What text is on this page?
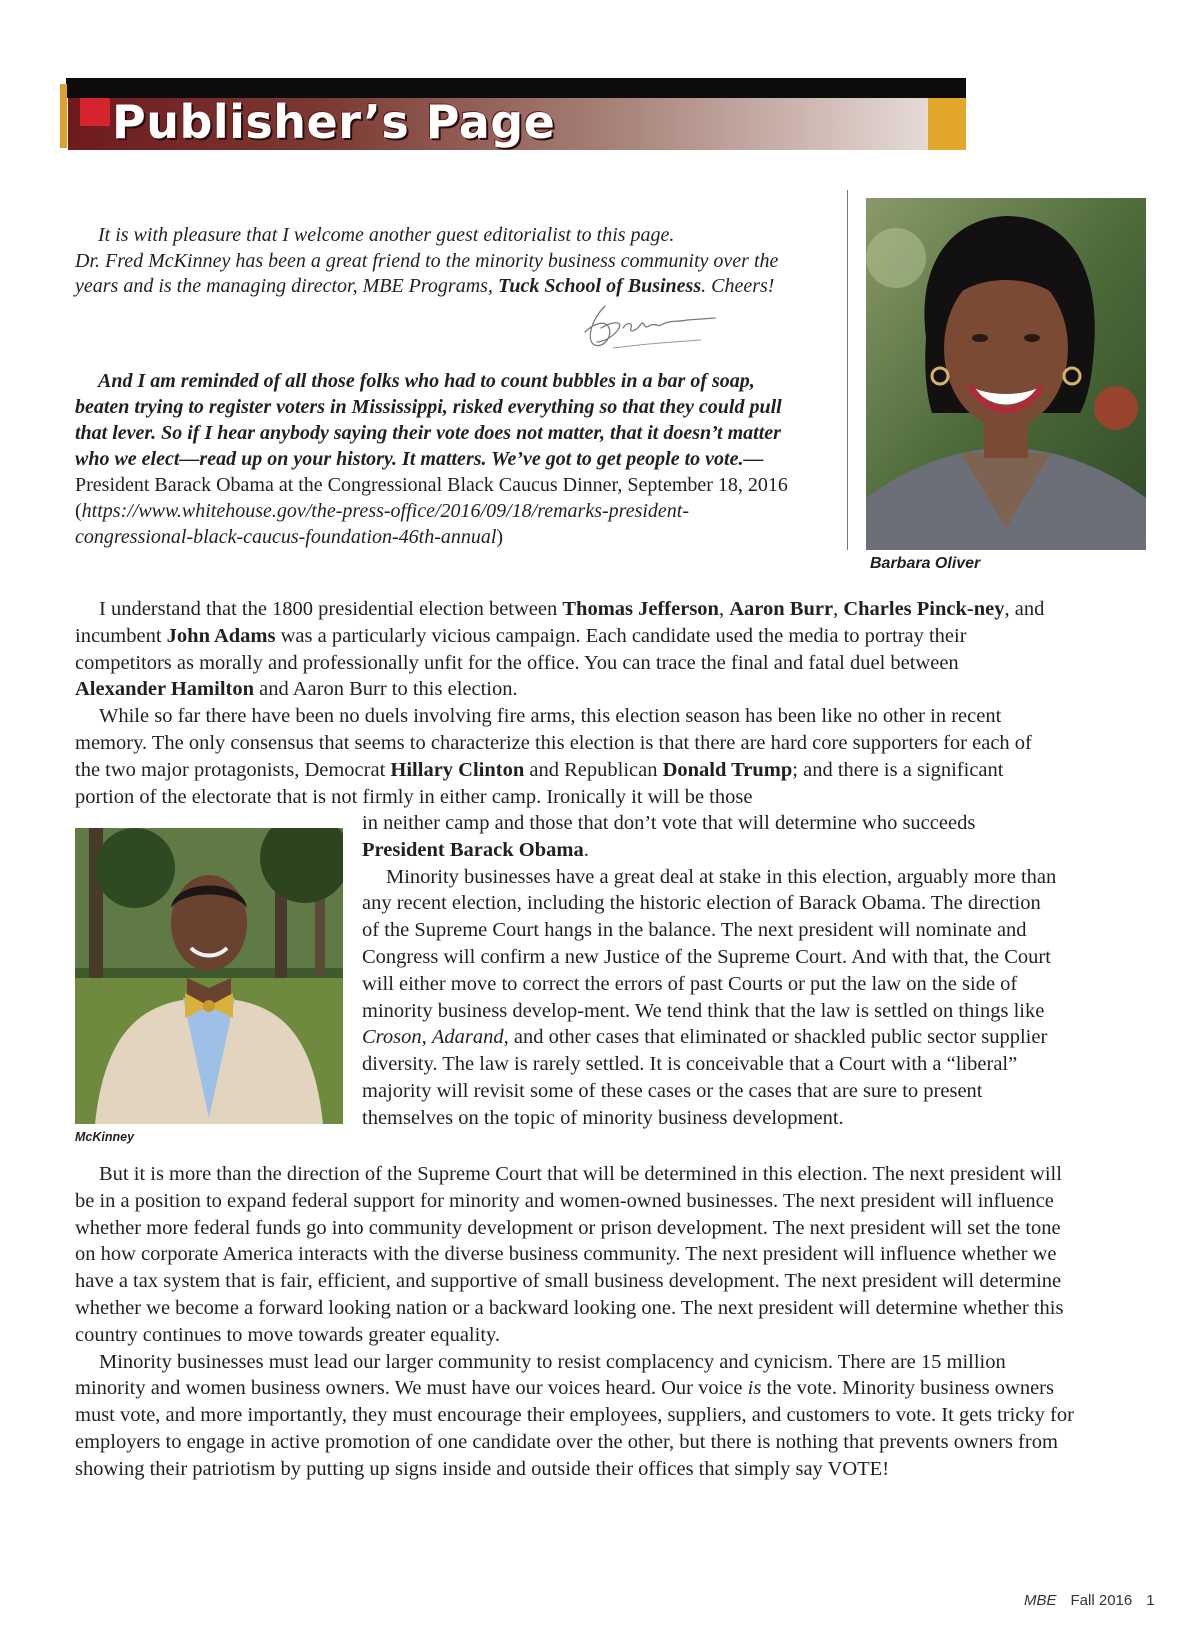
Publisher’s Page

It is with pleasure that I welcome another guest editorialist to this page.

Dr. Fred McKinney has been a great friend to the minority business community over the years and is the managing director, MBE Programs, Tuck School of Business. Cheers!

And I am reminded of all those folks who had to count bubbles in a bar of soap, beaten trying to register voters in Mississippi, risked everything so that they could pull that lever. So if I hear anybody saying their vote does not matter, that it doesn’t matter who we elect—read up on your history. It matters. We’ve got to get people to vote.— President Barack Obama at the Congressional Black Caucus Dinner, September 18, 2016 (https://www.whitehouse.gov/the-press-office/2016/09/18/remarks-president-congressional-black-caucus-foundation-46th-annual)
Barbara Oliver

I understand that the 1800 presidential election between Thomas Jefferson, Aaron Burr, Charles Pinck-ney, and incumbent John Adams was a particularly vicious campaign. Each candidate used the media to portray their competitors as morally and professionally unfit for the office. You can trace the final and fatal duel between Alexander Hamilton and Aaron Burr to this election.

While so far there have been no duels involving fire arms, this election season has been like no other in recent memory. The only consensus that seems to characterize this election is that there are hard core supporters for each of the two major protagonists, Democrat Hillary Clinton and Republican Donald Trump; and there is a significant portion of the electorate that is not firmly in either camp. Ironically it will be those

McKinney

in neither camp and those that don’t vote that will determine who succeeds President Barack Obama.

Minority businesses have a great deal at stake in this election, arguably more than any recent election, including the historic election of Barack Obama. The direction of the Supreme Court hangs in the balance. The next president will nominate and Congress will confirm a new Justice of the Supreme Court. And with that, the Court will either move to correct the errors of past Courts or put the law on the side of minority business develop-ment. We tend think that the law is settled on things like Croson, Adarand, and other cases that eliminated or shackled public sector supplier diversity. The law is rarely settled. It is conceivable that a Court with a “liberal” majority will revisit some of these cases or the cases that are sure to present themselves on the topic of minority business development.

But it is more than the direction of the Supreme Court that will be determined in this election. The next president will be in a position to expand federal support for minority and women-owned businesses. The next president will influence whether more federal funds go into community development or prison development. The next president will set the tone on how corporate America interacts with the diverse business community. The next president will influence whether we have a tax system that is fair, efficient, and supportive of small business development. The next president will determine whether we become a forward looking nation or a backward looking one. The next president will determine whether this country continues to move towards greater equality.

Minority businesses must lead our larger community to resist complacency and cynicism. There are 15 million minority and women business owners. We must have our voices heard. Our voice is the vote. Minority business owners must vote, and more importantly, they must encourage their employees, suppliers, and customers to vote. It gets tricky for employers to engage in active promotion of one candidate over the other, but there is nothing that prevents owners from showing their patriotism by putting up signs inside and outside their offices that simply say VOTE!

MBE Fall 2016 1
